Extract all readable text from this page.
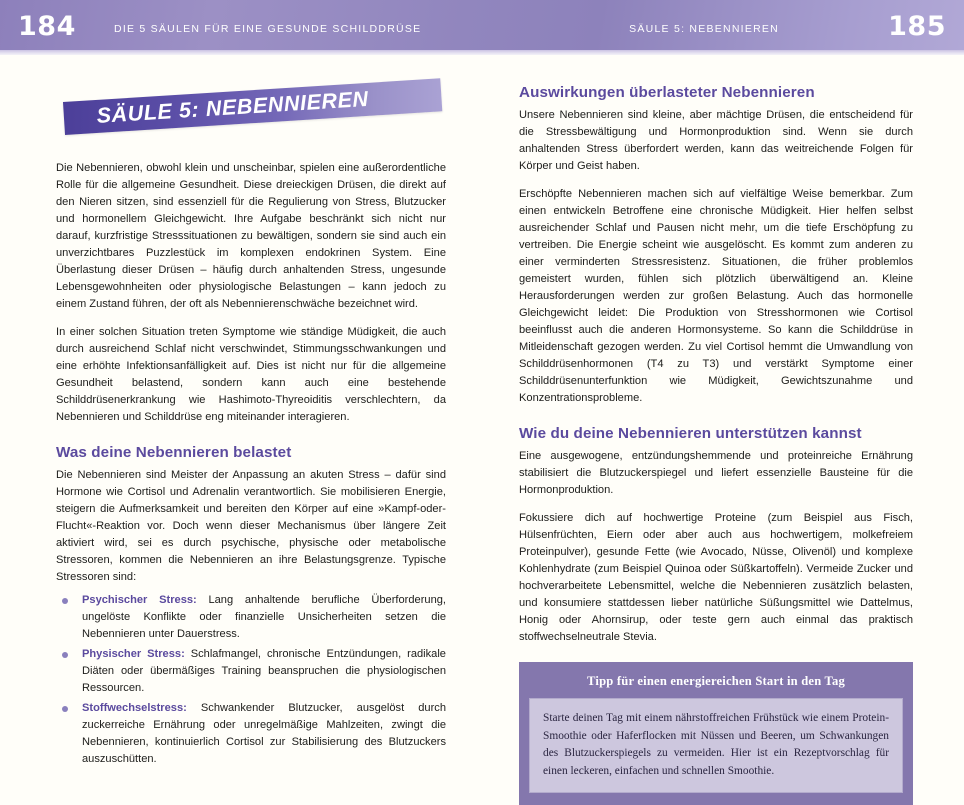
184	DIE 5 SÄULEN FÜR EINE GESUNDE SCHILDDRÜSE	SÄULE 5: NEBENNIEREN	185
SÄULE 5: NEBENNIEREN

Die Nebennieren, obwohl klein und unscheinbar, spielen eine außerordentliche Rolle für die allgemeine Gesundheit. Diese dreieckigen Drüsen, die direkt auf den Nieren sitzen, sind essenziell für die Regulierung von Stress, Blutzucker und hormonellem Gleichgewicht. Ihre Aufgabe beschränkt sich nicht nur darauf, kurzfristige Stresssituationen zu bewältigen, sondern sie sind auch ein unverzichtbares Puzzlestück im komplexen endokrinen System. Eine Überlastung dieser Drüsen – häufig durch anhaltenden Stress, ungesunde Lebensgewohnheiten oder physiologische Belastungen – kann jedoch zu einem Zustand führen, der oft als Nebennierenschwäche bezeichnet wird.

In einer solchen Situation treten Symptome wie ständige Müdigkeit, die auch durch ausreichend Schlaf nicht verschwindet, Stimmungsschwankungen und eine erhöhte Infektionsanfälligkeit auf. Dies ist nicht nur für die allgemeine Gesundheit belastend, sondern kann auch eine bestehende Schilddrüsenerkrankung wie Hashimoto-Thyreoiditis verschlechtern, da Nebennieren und Schilddrüse eng miteinander interagieren.

Was deine Nebennieren belastet

Die Nebennieren sind Meister der Anpassung an akuten Stress – dafür sind Hormone wie Cortisol und Adrenalin verantwortlich. Sie mobilisieren Energie, steigern die Aufmerksamkeit und bereiten den Körper auf eine »Kampf-oder-Flucht«-Reaktion vor. Doch wenn dieser Mechanismus über längere Zeit aktiviert wird, sei es durch psychische, physische oder metabolische Stressoren, kommen die Nebennieren an ihre Belastungsgrenze. Typische Stressoren sind:

Psychischer Stress: Lang anhaltende berufliche Überforderung, ungelöste Konflikte oder finanzielle Unsicherheiten setzen die Nebennieren unter Dauerstress.
Physischer Stress: Schlafmangel, chronische Entzündungen, radikale Diäten oder übermäßiges Training beanspruchen die physiologischen Ressourcen.
Stoffwechselstress: Schwankender Blutzucker, ausgelöst durch zuckerreiche Ernährung oder unregelmäßige Mahlzeiten, zwingt die Nebennieren, kontinuierlich Cortisol zur Stabilisierung des Blutzuckers auszuschütten.
Auswirkungen überlasteter Nebennieren

Unsere Nebennieren sind kleine, aber mächtige Drüsen, die entscheidend für die Stressbewältigung und Hormonproduktion sind. Wenn sie durch anhaltenden Stress überfordert werden, kann das weitreichende Folgen für Körper und Geist haben.

Erschöpfte Nebennieren machen sich auf vielfältige Weise bemerkbar. Zum einen entwickeln Betroffene eine chronische Müdigkeit. Hier helfen selbst ausreichender Schlaf und Pausen nicht mehr, um die tiefe Erschöpfung zu vertreiben. Die Energie scheint wie ausgelöscht. Es kommt zum anderen zu einer verminderten Stressresistenz. Situationen, die früher problemlos gemeistert wurden, fühlen sich plötzlich überwältigend an. Kleine Herausforderungen werden zur großen Belastung. Auch das hormonelle Gleichgewicht leidet: Die Produktion von Stresshormonen wie Cortisol beeinflusst auch die anderen Hormonsysteme. So kann die Schilddrüse in Mitleidenschaft gezogen werden. Zu viel Cortisol hemmt die Umwandlung von Schilddrüsenhormonen (T4 zu T3) und verstärkt Symptome einer Schilddrüsenunterfunktion wie Müdigkeit, Gewichtszunahme und Konzentrationsprobleme.

Wie du deine Nebennieren unterstützen kannst

Eine ausgewogene, entzündungshemmende und proteinreiche Ernährung stabilisiert die Blutzuckerspiegel und liefert essenzielle Bausteine für die Hormonproduktion.

Fokussiere dich auf hochwertige Proteine (zum Beispiel aus Fisch, Hülsenfrüchten, Eiern oder aber auch aus hochwertigem, molkefreiem Proteinpulver), gesunde Fette (wie Avocado, Nüsse, Olivenöl) und komplexe Kohlenhydrate (zum Beispiel Quinoa oder Süßkartoffeln). Vermeide Zucker und hochverarbeitete Lebensmittel, welche die Nebennieren zusätzlich belasten, und konsumiere stattdessen lieber natürliche Süßungsmittel wie Dattelmus, Honig oder Ahornsirup, oder teste gern auch einmal das praktisch stoffwechselneutrale Stevia.

Tipp für einen energiereichen Start in den Tag

Starte deinen Tag mit einem nährstoffreichen Frühstück wie einem Protein-Smoothie oder Haferflocken mit Nüssen und Beeren, um Schwankungen des Blutzuckerspiegels zu vermeiden. Hier ist ein Rezeptvorschlag für einen leckeren, einfachen und schnellen Smoothie.
